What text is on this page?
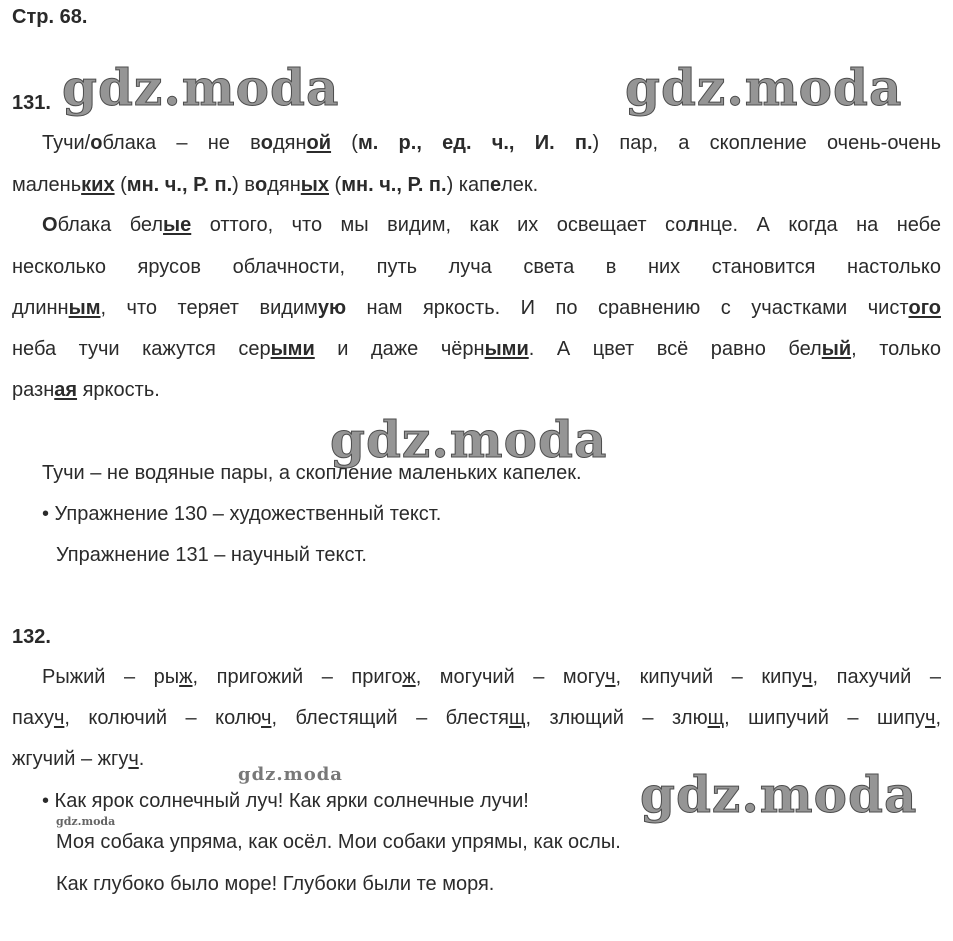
Стр. 68.
gdz.moda	gdz.moda
gdz.moda
gdz.moda
gdz.moda	gdz.moda
131.
Тучи/облака – не водяной (м. р., ед. ч., И. п.) пар, а скопление очень-очень
маленьких (мн. ч., Р. п.) водяных (мн. ч., Р. п.) капелек.
Облака белые оттого, что мы видим, как их освещает солнце. А когда на небе
несколько ярусов облачности, путь луча света в них становится настолько
длинным, что теряет видимую нам яркость. И по сравнению с участками чистого
неба тучи кажутся серыми и даже чёрными. А цвет всё равно белый, только
разная яркость.
Тучи – не водяные пары, а скопление маленьких капелек.
• Упражнение 130 – художественный текст.
Упражнение 131 – научный текст.
132.
Рыжий – рыж, пригожий – пригож, могучий – могуч, кипучий – кипуч, пахучий –
пахуч, колючий – колюч, блестящий – блестящ, злющий – злющ, шипучий – шипуч,
жгучий – жгуч.
• Как ярок солнечный луч! Как ярки солнечные лучи!
Моя собака упряма, как осёл. Мои собаки упрямы, как ослы.
Как глубоко было море! Глубоки были те моря.
